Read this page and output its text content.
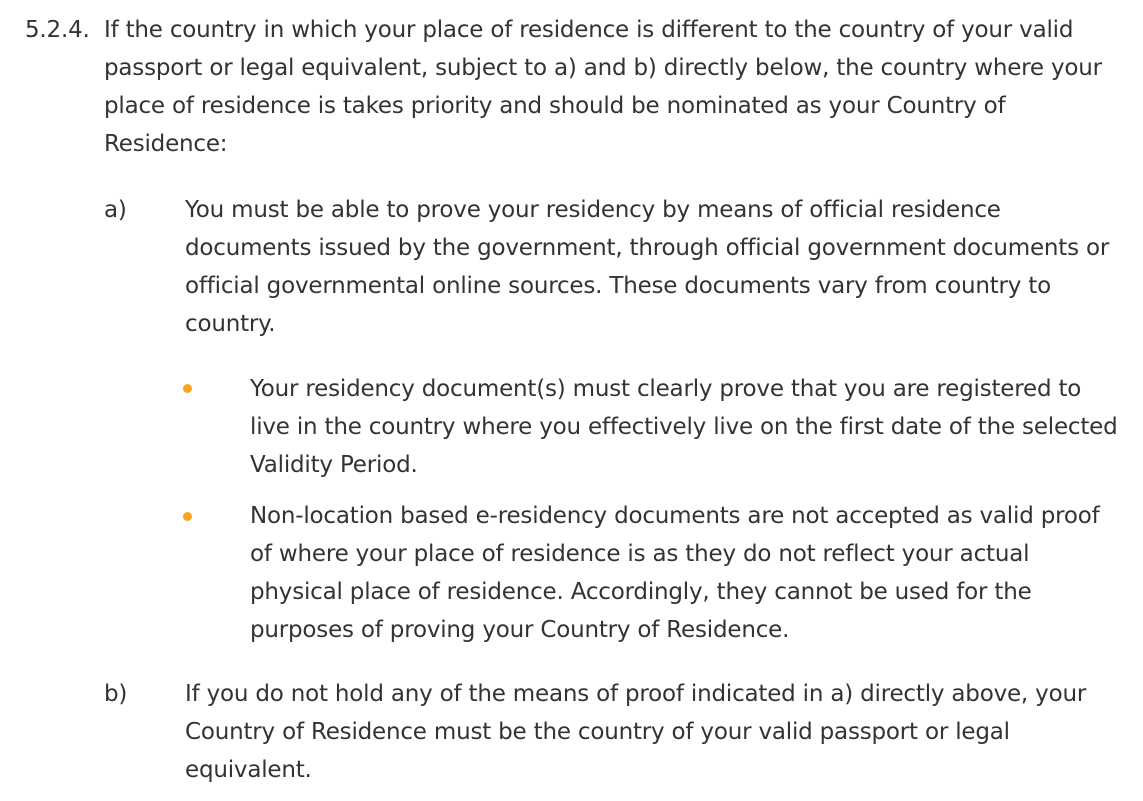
5.2.4. If the country in which your place of residence is different to the country of your valid passport or legal equivalent, subject to a) and b) directly below, the country where your place of residence is takes priority and should be nominated as your Country of Residence:
a)	You must be able to prove your residency by means of official residence documents issued by the government, through official government documents or official governmental online sources. These documents vary from country to country.
Your residency document(s) must clearly prove that you are registered to live in the country where you effectively live on the first date of the selected Validity Period.
Non-location based e-residency documents are not accepted as valid proof of where your place of residence is as they do not reflect your actual physical place of residence. Accordingly, they cannot be used for the purposes of proving your Country of Residence.
b)	If you do not hold any of the means of proof indicated in a) directly above, your Country of Residence must be the country of your valid passport or legal equivalent.
